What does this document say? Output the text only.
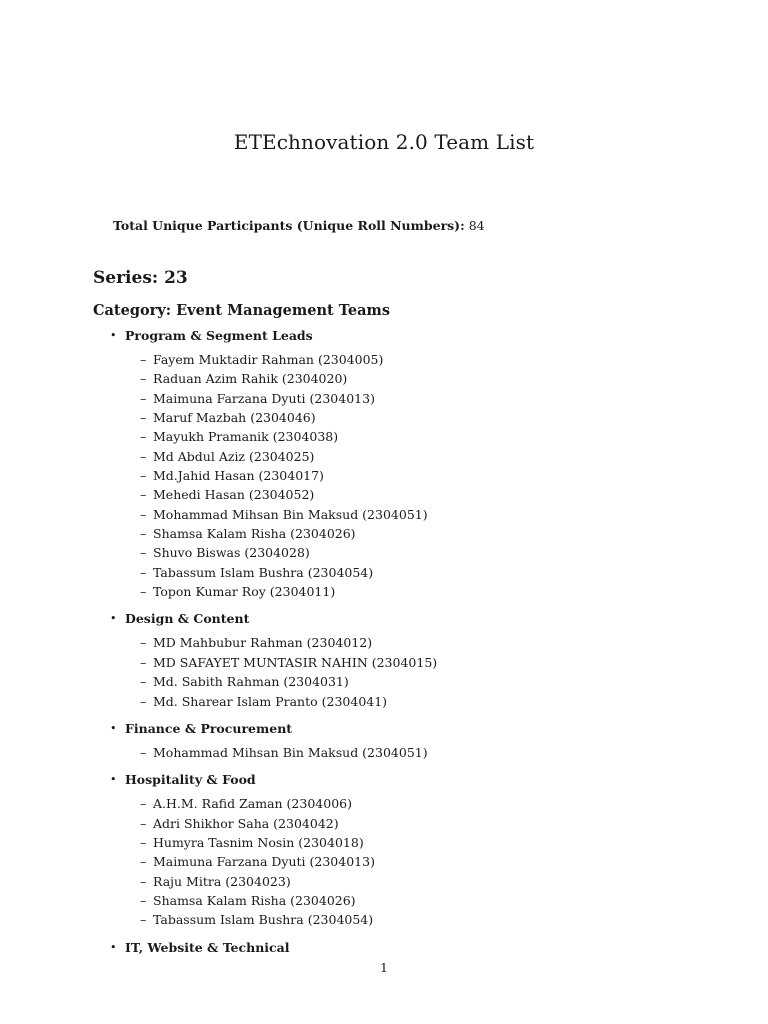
ETEchnovation 2.0 Team List
Total Unique Participants (Unique Roll Numbers): 84
Series: 23
Category: Event Management Teams
• Program & Segment Leads
– Fayem Muktadir Rahman (2304005)
– Raduan Azim Rahik (2304020)
– Maimuna Farzana Dyuti (2304013)
– Maruf Mazbah (2304046)
– Mayukh Pramanik (2304038)
– Md Abdul Aziz (2304025)
– Md.Jahid Hasan (2304017)
– Mehedi Hasan (2304052)
– Mohammad Mihsan Bin Maksud (2304051)
– Shamsa Kalam Risha (2304026)
– Shuvo Biswas (2304028)
– Tabassum Islam Bushra (2304054)
– Topon Kumar Roy (2304011)
• Design & Content
– MD Mahbubur Rahman (2304012)
– MD SAFAYET MUNTASIR NAHIN (2304015)
– Md. Sabith Rahman (2304031)
– Md. Sharear Islam Pranto (2304041)
• Finance & Procurement
– Mohammad Mihsan Bin Maksud (2304051)
• Hospitality & Food
– A.H.M. Rafid Zaman (2304006)
– Adri Shikhor Saha (2304042)
– Humyra Tasnim Nosin (2304018)
– Maimuna Farzana Dyuti (2304013)
– Raju Mitra (2304023)
– Shamsa Kalam Risha (2304026)
– Tabassum Islam Bushra (2304054)
• IT, Website & Technical
1
